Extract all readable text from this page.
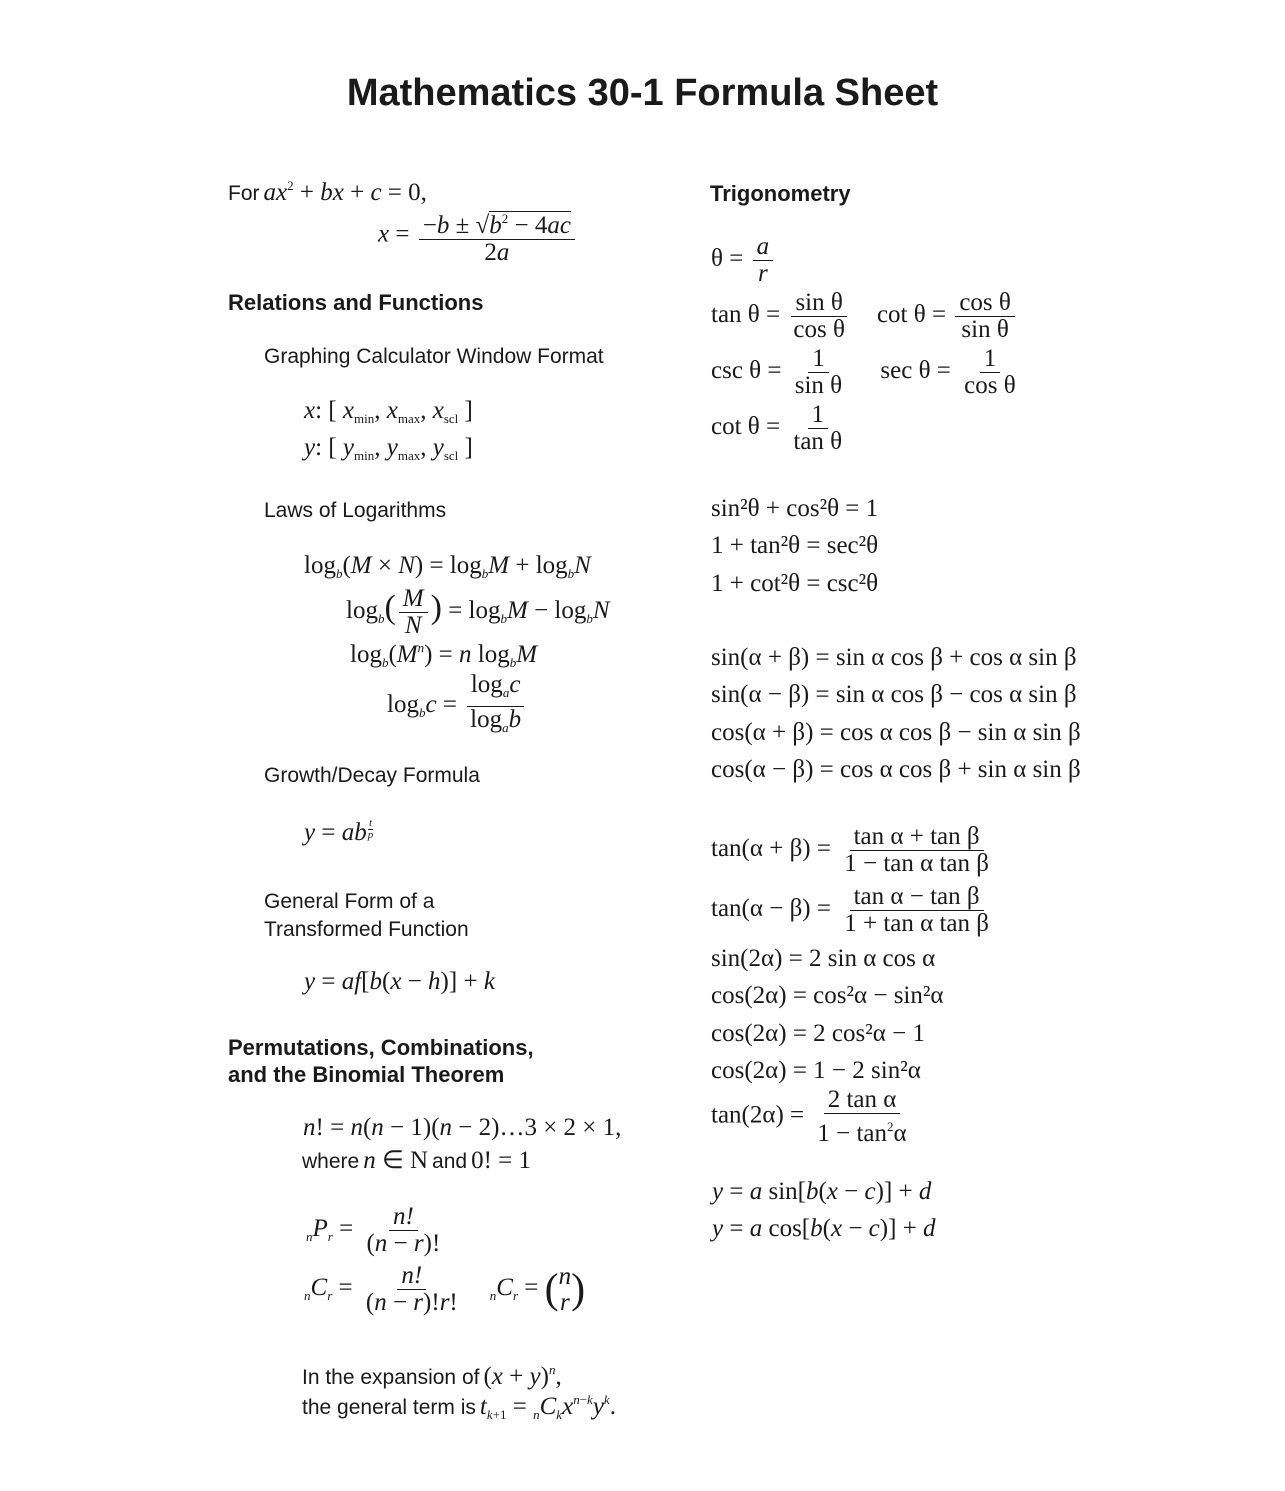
Mathematics 30-1 Formula Sheet
For $ax^2$ + bx + c = 0,
$x = \frac{-b \pm √b^2 - 4ac}{2a}$
Relations and Functions
Graphing Calculator Window Format
x: [ $x_{min}$, $x_{max}$, $x_{scl}$ ]
y: [ $y_{min}$, $y_{max}$, $y_{scl}$ ]
Laws of Logarithms
$\log_b(M \times N) = \log_bM + \log_bN$
$\log_b( \frac{M}{N}$ ) = $\log_bM - \log_bN$
$\log_b(M^n) = n$ $\log_bM$
$\log_bc = \frac{\log_ac}{\log_ab}$
Growth/Decay Formula
y = ab $\frac{t}{p}$
General Form of a
Transformed Function
y = af[b(x − h)] + k
Permutations, Combinations,
and the Binomial Theorem
n! = n(n − 1)(n − 2)…3 × 2 × 1,
where n ∈ N and 0! = 1
$_nP_r = \frac{n!}{(n - r)!}$
$_nC_r = \frac{n!}{(n - r)!r!} _nC_r$ = ( n
r )
In the expansion of $(x + y)^n$,
the general term is $t_{k+1} = _nC_kx^{n-k}y^k$.
Trigonometry
$\theta = \frac{a}{r}$
$\tan \theta = \frac{\text{sin θ}}{\text{cos θ}}$ $\cot \theta = \frac{\text{cos θ}}{\text{sin θ}}$
$\csc \theta = \frac{1}{\text{sin θ}}$ $\sec \theta = \frac{1}{\text{cos θ}}$
$\cot \theta = \frac{1}{\text{tan θ}}$
sin²θ + cos²θ = 1
1 + tan²θ = sec²θ
1 + cot²θ = csc²θ
sin(α + β) = sin α cos β + cos α sin β
sin(α − β) = sin α cos β − cos α sin β
cos(α + β) = cos α cos β − sin α sin β
cos(α − β) = cos α cos β + sin α sin β
$\tan(\alpha + \beta) = \frac{\text{tan α + tan β}}{\text{1 − tan α tan β}}$
$\tan(\alpha - \beta) = \frac{\text{tan α − tan β}}{\text{1 + tan α tan β}}$
sin(2α) = 2 sin α cos α
cos(2α) = cos²α − sin²α
cos(2α) = 2 cos²α − 1
cos(2α) = 1 − 2 sin²α
$\tan(2\alpha) = \frac{\text{2 tan α}}{1 - \tan^2\alpha}$
y = a sin[b(x − c)] + d
y = a cos[b(x − c)] + d
